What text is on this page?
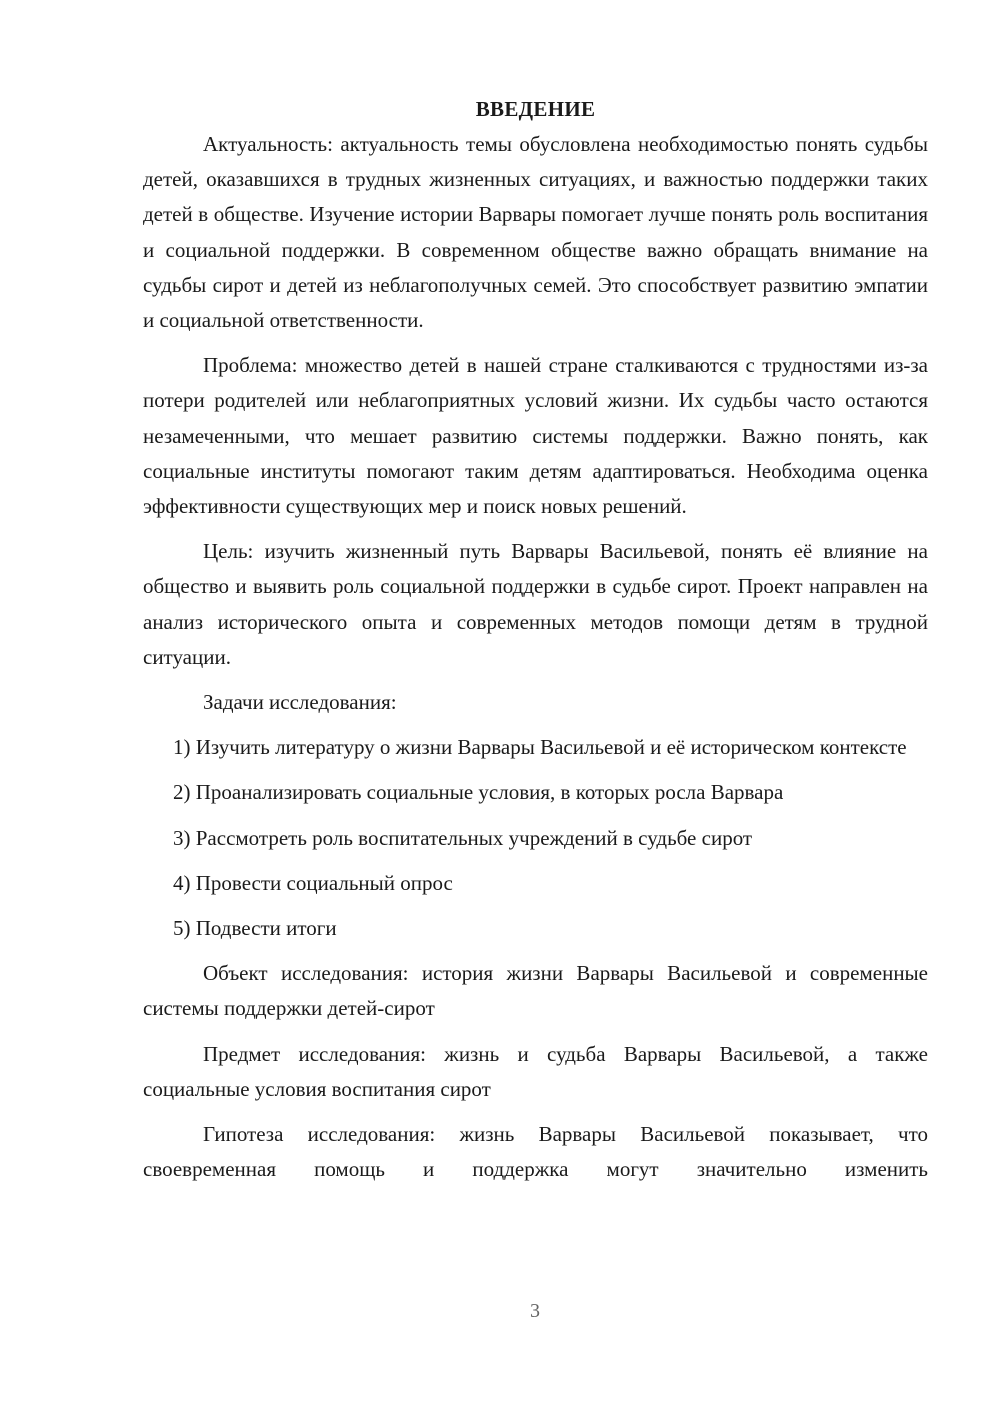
ВВЕДЕНИЕ

Актуальность: актуальность темы обусловлена необходимостью понять судьбы детей, оказавшихся в трудных жизненных ситуациях, и важностью поддержки таких детей в обществе. Изучение истории Варвары помогает лучше понять роль воспитания и социальной поддержки. В современном обществе важно обращать внимание на судьбы сирот и детей из неблагополучных семей. Это способствует развитию эмпатии и социальной ответственности.

Проблема: множество детей в нашей стране сталкиваются с трудностями из-за потери родителей или неблагоприятных условий жизни. Их судьбы часто остаются незамеченными, что мешает развитию системы поддержки. Важно понять, как социальные институты помогают таким детям адаптироваться. Необходима оценка эффективности существующих мер и поиск новых решений.

Цель: изучить жизненный путь Варвары Васильевой, понять её влияние на общество и выявить роль социальной поддержки в судьбе сирот. Проект направлен на анализ исторического опыта и современных методов помощи детям в трудной ситуации.

Задачи исследования:

1) Изучить литературу о жизни Варвары Васильевой и её историческом контексте
2) Проанализировать социальные условия, в которых росла Варвара
3) Рассмотреть роль воспитательных учреждений в судьбе сирот
4) Провести социальный опрос
5) Подвести итоги

Объект исследования: история жизни Варвары Васильевой и современные системы поддержки детей-сирот

Предмет исследования: жизнь и судьба Варвары Васильевой, а также социальные условия воспитания сирот

Гипотеза исследования: жизнь Варвары Васильевой показывает, что своевременная помощь и поддержка могут значительно изменить

3
